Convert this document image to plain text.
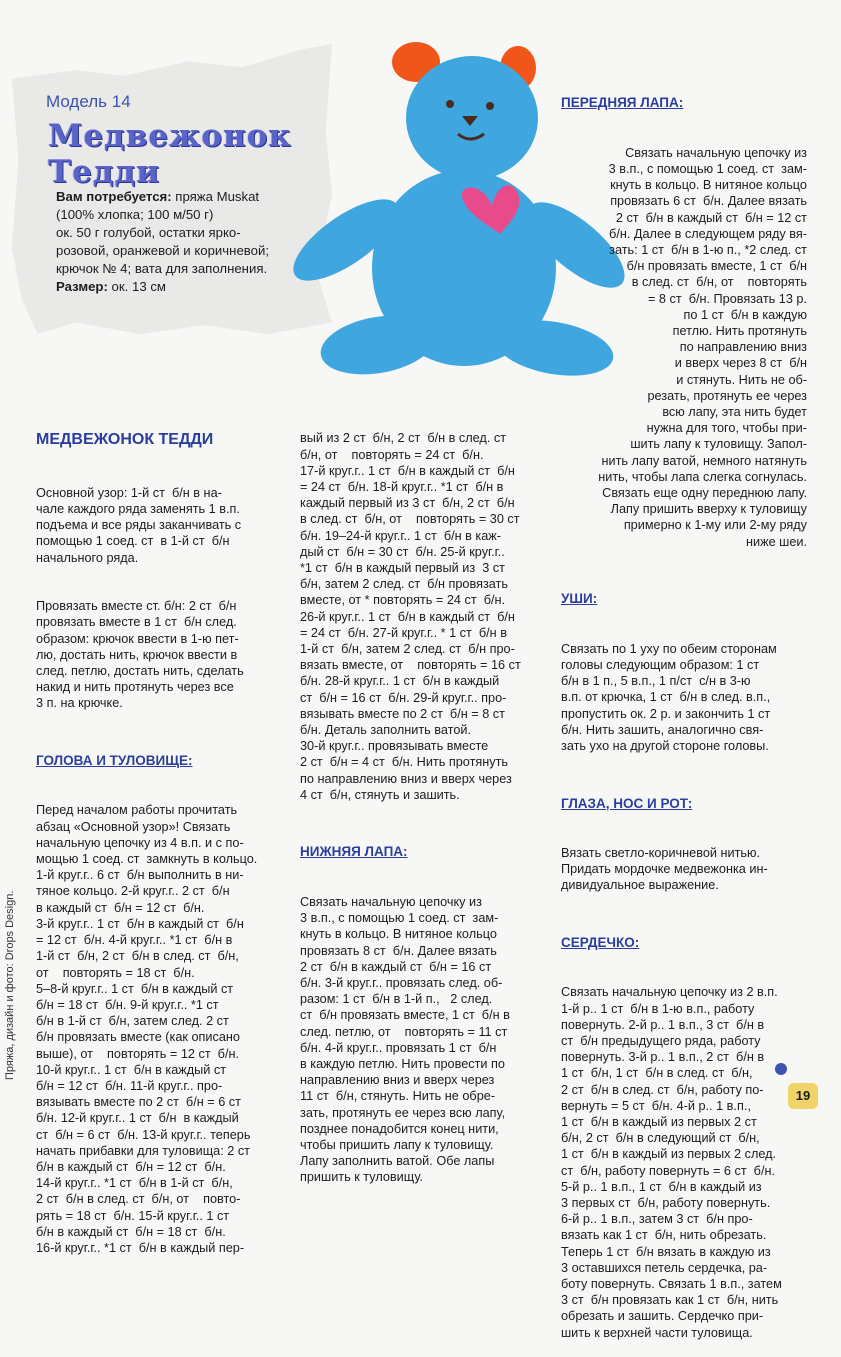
Модель 14
Медвежонок Тедди
Вам потребуется: пряжа Muskat
(100% хлопка; 100 м/50 г)
ок. 50 г голубой, остатки ярко-
розовой, оранжевой и коричневой;
крючок № 4; вата для заполнения.
Размер: ок. 13 см

МЕДВЕЖОНОК ТЕДДИ

Основной узор: 1-й ст  б/н в на-
чале каждого ряда заменять 1 в.п.
подъема и все ряды заканчивать с
помощью 1 соед. ст  в 1-й ст  б/н
начального ряда.

Провязать вместе ст. б/н: 2 ст  б/н
провязать вместе в 1 ст  б/н след.
образом: крючок ввести в 1-ю пет-
лю, достать нить, крючок ввести в
след. петлю, достать нить, сделать
накид и нить протянуть через все
3 п. на крючке.

ГОЛОВА И ТУЛОВИЩЕ:

Перед началом работы прочитать
абзац «Основной узор»! Связать
начальную цепочку из 4 в.п. и с по-
мощью 1 соед. ст  замкнуть в кольцо.
1-й круг.г.. 6 ст  б/н выполнить в ни-
тяное кольцо. 2-й круг.г.. 2 ст  б/н
в каждый ст  б/н = 12 ст  б/н.
3-й круг.г.. 1 ст  б/н в каждый ст  б/н
= 12 ст  б/н. 4-й круг.г.. *1 ст  б/н в
1-й ст  б/н, 2 ст  б/н в след. ст  б/н,
от    повторять = 18 ст  б/н.
5–8-й круг.г.. 1 ст  б/н в каждый ст
б/н = 18 ст  б/н. 9-й круг.г.. *1 ст
б/н в 1-й ст  б/н, затем след. 2 ст
б/н провязать вместе (как описано
выше), от    повторять = 12 ст  б/н.
10-й круг.г.. 1 ст  б/н в каждый ст
б/н = 12 ст  б/н. 11-й круг.г.. про-
вязывать вместе по 2 ст  б/н = 6 ст
б/н. 12-й круг.г.. 1 ст  б/н  в каждый
ст  б/н = 6 ст  б/н. 13-й круг.г.. теперь
начать прибавки для туловища: 2 ст
б/н в каждый ст  б/н = 12 ст  б/н.
14-й круг.г.. *1 ст  б/н в 1-й ст  б/н,
2 ст  б/н в след. ст  б/н, от    повто-
рять = 18 ст  б/н. 15-й круг.г.. 1 ст
б/н в каждый ст  б/н = 18 ст  б/н.
16-й круг.г.. *1 ст  б/н в каждый пер-

вый из 2 ст  б/н, 2 ст  б/н в след. ст
б/н, от    повторять = 24 ст  б/н.
17-й круг.г.. 1 ст  б/н в каждый ст  б/н
= 24 ст  б/н. 18-й круг.г.. *1 ст  б/н в
каждый первый из 3 ст  б/н, 2 ст  б/н
в след. ст  б/н, от    повторять = 30 ст
б/н. 19–24-й круг.г.. 1 ст  б/н в каж-
дый ст  б/н = 30 ст  б/н. 25-й круг.г..
*1 ст  б/н в каждый первый из  3 ст
б/н, затем 2 след. ст  б/н провязать
вместе, от * повторять = 24 ст  б/н.
26-й круг.г.. 1 ст  б/н в каждый ст  б/н
= 24 ст  б/н. 27-й круг.г.. * 1 ст  б/н в
1-й ст  б/н, затем 2 след. ст  б/н про-
вязать вместе, от    повторять = 16 ст
б/н. 28-й круг.г.. 1 ст  б/н в каждый
ст  б/н = 16 ст  б/н. 29-й круг.г.. про-
вязывать вместе по 2 ст  б/н = 8 ст
б/н. Деталь заполнить ватой.
30-й круг.г.. провязывать вместе
2 ст  б/н = 4 ст  б/н. Нить протянуть
по направлению вниз и вверх через
4 ст  б/н, стянуть и зашить.

НИЖНЯЯ ЛАПА:

Связать начальную цепочку из
3 в.п., с помощью 1 соед. ст  зам-
кнуть в кольцо. В нитяное кольцо
провязать 8 ст  б/н. Далее вязать
2 ст  б/н в каждый ст  б/н = 16 ст
б/н. 3-й круг.г.. провязать след. об-
разом: 1 ст  б/н в 1-й п.,   2 след.
ст  б/н провязать вместе, 1 ст  б/н в
след. петлю, от    повторять = 11 ст
б/н. 4-й круг.г.. провязать 1 ст  б/н
в каждую петлю. Нить провести по
направлению вниз и вверх через
11 ст  б/н, стянуть. Нить не обре-
зать, протянуть ее через всю лапу,
позднее понадобится конец нити,
чтобы пришить лапу к туловищу.
Лапу заполнить ватой. Обе лапы
пришить к туловищу.

ПЕРЕДНЯЯ ЛАПА:

Связать начальную цепочку из
3 в.п., с помощью 1 соед. ст  зам-
кнуть в кольцо. В нитяное кольцо
провязать 6 ст  б/н. Далее вязать
2 ст  б/н в каждый ст  б/н = 12 ст
б/н. Далее в следующем ряду вя-
зать: 1 ст  б/н в 1-ю п., *2 след. ст
б/н провязать вместе, 1 ст  б/н
в след. ст  б/н, от    повторять
= 8 ст  б/н. Провязать 13 р.
по 1 ст  б/н в каждую
петлю. Нить протянуть
по направлению вниз
и вверх через 8 ст  б/н
и стянуть. Нить не об-
резать, протянуть ее через
всю лапу, эта нить будет
нужна для того, чтобы при-
шить лапу к туловищу. Запол-
нить лапу ватой, немного натянуть
нить, чтобы лапа слегка согнулась.
Связать еще одну переднюю лапу.
Лапу пришить вверху к туловищу
примерно к 1-му или 2-му ряду
ниже шеи.

УШИ:

Связать по 1 уху по обеим сторонам
головы следующим образом: 1 ст
б/н в 1 п., 5 в.п., 1 п/ст  с/н в 3-ю
в.п. от крючка, 1 ст  б/н в след. в.п.,
пропустить ок. 2 р. и закончить 1 ст
б/н. Нить зашить, аналогично свя-
зать ухо на другой стороне головы.

ГЛАЗА, НОС И РОТ:

Вязать светло-коричневой нитью.
Придать мордочке медвежонка ин-
дивидуальное выражение.

СЕРДЕЧКО:

Связать начальную цепочку из 2 в.п.
1-й р.. 1 ст  б/н в 1-ю в.п., работу
повернуть. 2-й р.. 1 в.п., 3 ст  б/н в
ст  б/н предыдущего ряда, работу
повернуть. 3-й р.. 1 в.п., 2 ст  б/н в
1 ст  б/н, 1 ст  б/н в след. ст  б/н,
2 ст  б/н в след. ст  б/н, работу по-
вернуть = 5 ст  б/н. 4-й р.. 1 в.п.,
1 ст  б/н в каждый из первых 2 ст
б/н, 2 ст  б/н в следующий ст  б/н,
1 ст  б/н в каждый из первых 2 след.
ст  б/н, работу повернуть = 6 ст  б/н.
5-й р.. 1 в.п., 1 ст  б/н в каждый из
3 первых ст  б/н, работу повернуть.
6-й р.. 1 в.п., затем 3 ст  б/н про-
вязать как 1 ст  б/н, нить обрезать.
Теперь 1 ст  б/н вязать в каждую из
3 оставшихся петель сердечка, ра-
боту повернуть. Связать 1 в.п., затем
3 ст  б/н провязать как 1 ст  б/н, нить
обрезать и зашить. Сердечко при-
шить к верхней части туловища.

Пряжа, дизайн и фото: Drops Design.
19
